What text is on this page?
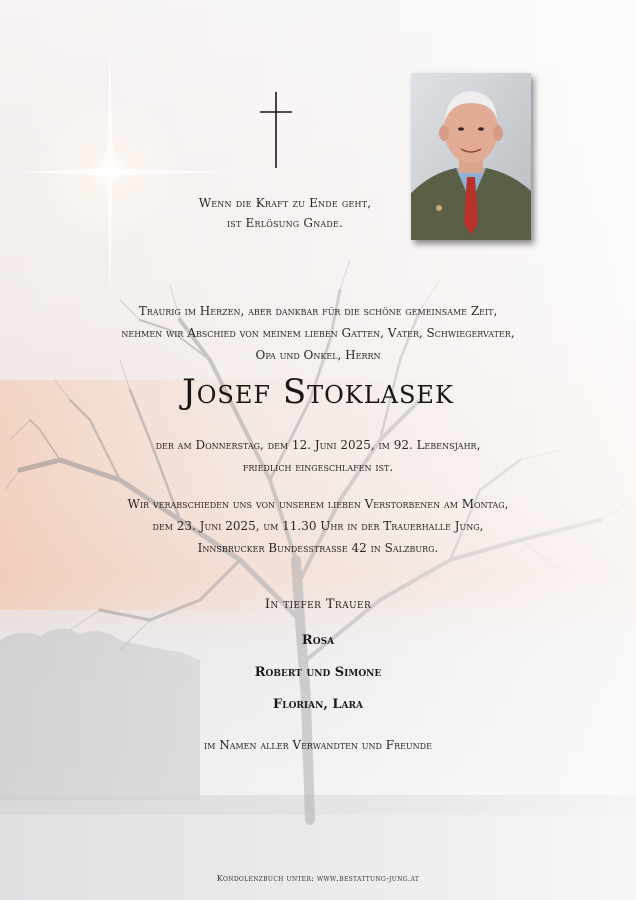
Wenn die Kraft zu Ende geht,
ist Erlösung Gnade.
Traurig im Herzen, aber dankbar für die schöne gemeinsame Zeit,
nehmen wir Abschied von meinem lieben Gatten, Vater, Schwiegervater,
Opa und Onkel, Herrn
Josef Stoklasek
der am Donnerstag, dem 12. Juni 2025, im 92. Lebensjahr,
friedlich eingeschlafen ist.
Wir verabschieden uns von unserem lieben Verstorbenen am Montag,
dem 23. Juni 2025, um 11.30 Uhr in der Trauerhalle Jung,
Innsbrucker Bundesstrasse 42 in Salzburg.
In tiefer Trauer
Rosa
Robert und Simone
Florian, Lara
im Namen aller Verwandten und Freunde
Kondolenzbuch unter: www.bestattung-jung.at
